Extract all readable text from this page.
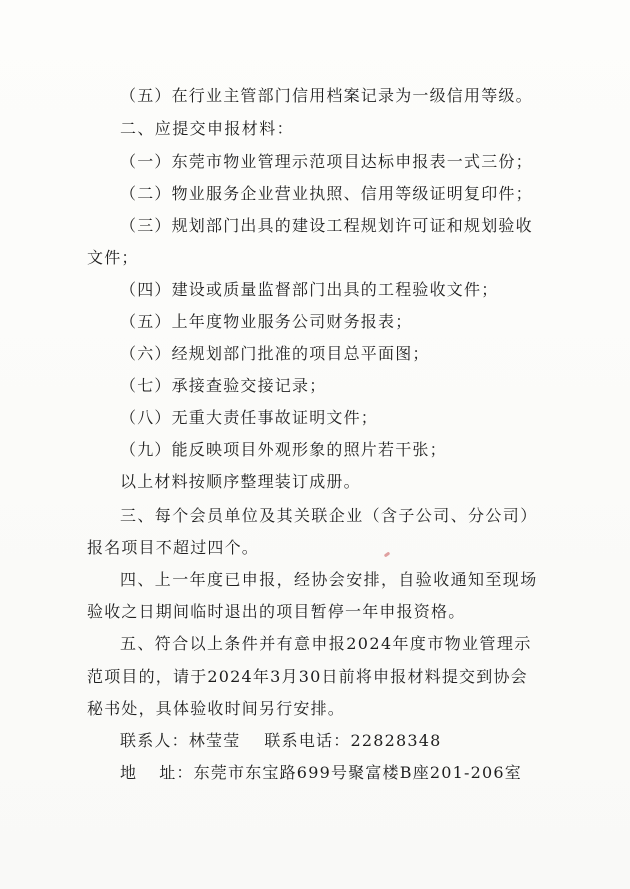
（五）在行业主管部门信用档案记录为一级信用等级。
二、应提交申报材料：
（一）东莞市物业管理示范项目达标申报表一式三份；
（二）物业服务企业营业执照、信用等级证明复印件；
（三）规划部门出具的建设工程规划许可证和规划验收
文件；
（四）建设或质量监督部门出具的工程验收文件；
（五）上年度物业服务公司财务报表；
（六）经规划部门批准的项目总平面图；
（七）承接查验交接记录；
（八）无重大责任事故证明文件；
（九）能反映项目外观形象的照片若干张；
以上材料按顺序整理装订成册。
三、每个会员单位及其关联企业（含子公司、分公司）
报名项目不超过四个。
四、上一年度已申报，经协会安排，自验收通知至现场
验收之日期间临时退出的项目暂停一年申报资格。
五、符合以上条件并有意申报2024年度市物业管理示
范项目的，请于2024年3月30日前将申报材料提交到协会
秘书处，具体验收时间另行安排。
联系人：林莹莹 联系电话：22828348
地 址：东莞市东宝路699号聚富楼B座201-206室
